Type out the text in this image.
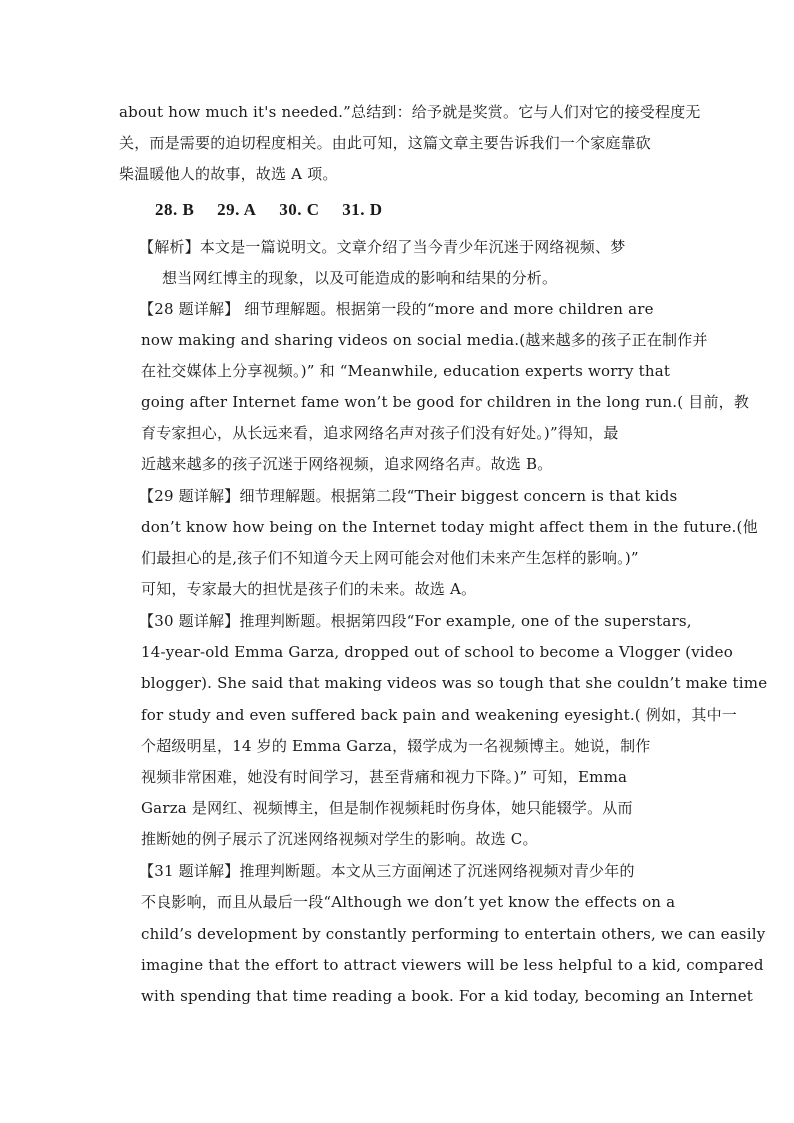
about how much it's needed.”总结到：给予就是奖赏。它与人们对它的接受程度无
关，而是需要的迫切程度相关。由此可知，这篇文章主要告诉我们一个家庭靠砍
柴温暖他人的故事，故选 A 项。
28. B 29. A 30. C 31. D
【解析】本文是一篇说明文。文章介绍了当今青少年沉迷于网络视频、梦
想当网红博主的现象，以及可能造成的影响和结果的分析。
【28 题详解】 细节理解题。根据第一段的“more and more children are
now making and sharing videos on social media.(越来越多的孩子正在制作并
在社交媒体上分享视频。)” 和 “Meanwhile, education experts worry that
going after Internet fame won’t be good for children in the long run.( 目前，教
育专家担心，从长远来看，追求网络名声对孩子们没有好处。)”得知，最
近越来越多的孩子沉迷于网络视频，追求网络名声。故选 B。
【29 题详解】细节理解题。根据第二段“Their biggest concern is that kids
don’t know how being on the Internet today might affect them in the future.(他
们最担心的是,孩子们不知道今天上网可能会对他们未来产生怎样的影响。)”
可知，专家最大的担忧是孩子们的未来。故选 A。
【30 题详解】推理判断题。根据第四段“For example, one of the superstars,
14-year-old Emma Garza, dropped out of school to become a Vlogger (video
blogger). She said that making videos was so tough that she couldn’t make time
for study and even suffered back pain and weakening eyesight.( 例如，其中一
个超级明星，14 岁的 Emma Garza，辍学成为一名视频博主。她说，制作
视频非常困难，她没有时间学习，甚至背痛和视力下降。)” 可知，Emma
Garza 是网红、视频博主，但是制作视频耗时伤身体，她只能辍学。从而
推断她的例子展示了沉迷网络视频对学生的影响。故选 C。
【31 题详解】推理判断题。本文从三方面阐述了沉迷网络视频对青少年的
不良影响，而且从最后一段“Although we don’t yet know the effects on a
child’s development by constantly performing to entertain others, we can easily
imagine that the effort to attract viewers will be less helpful to a kid, compared
with spending that time reading a book. For a kid today, becoming an Internet
